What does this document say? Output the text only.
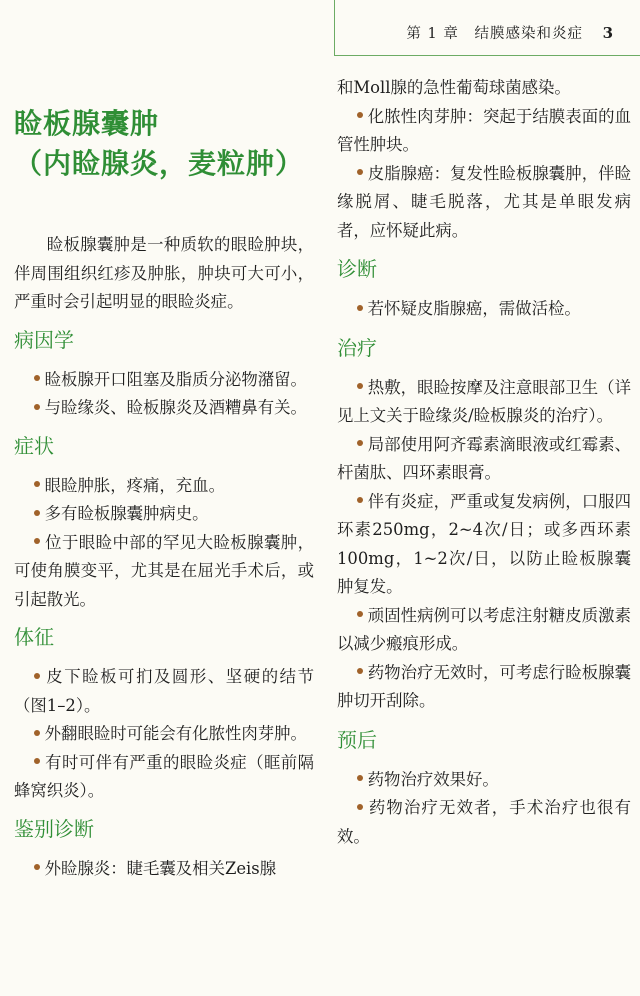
第 1 章 结膜感染和炎症 3
睑板腺囊肿
（内睑腺炎，麦粒肿）
睑板腺囊肿是一种质软的眼睑肿块，伴周围组织红疹及肿胀，肿块可大可小，严重时会引起明显的眼睑炎症。
病因学
睑板腺开口阻塞及脂质分泌物潴留。
与睑缘炎、睑板腺炎及酒糟鼻有关。
症状
眼睑肿胀，疼痛，充血。
多有睑板腺囊肿病史。
位于眼睑中部的罕见大睑板腺囊肿，可使角膜变平，尤其是在屈光手术后，或引起散光。
体征
皮下睑板可扪及圆形、坚硬的结节（图1–2）。
外翻眼睑时可能会有化脓性肉芽肿。
有时可伴有严重的眼睑炎症（眶前隔蜂窝织炎）。
鉴别诊断
外睑腺炎：睫毛囊及相关Zeis腺
和Moll腺的急性葡萄球菌感染。
化脓性肉芽肿：突起于结膜表面的血管性肿块。
皮脂腺癌：复发性睑板腺囊肿，伴睑缘脱屑、睫毛脱落，尤其是单眼发病者，应怀疑此病。
诊断
若怀疑皮脂腺癌，需做活检。
治疗
热敷，眼睑按摩及注意眼部卫生（详见上文关于睑缘炎/睑板腺炎的治疗）。
局部使用阿齐霉素滴眼液或红霉素、杆菌肽、四环素眼膏。
伴有炎症，严重或复发病例，口服四环素250mg，2~4次/日；或多西环素100mg，1~2次/日，以防止睑板腺囊肿复发。
顽固性病例可以考虑注射糖皮质激素以减少瘢痕形成。
药物治疗无效时，可考虑行睑板腺囊肿切开刮除。
预后
药物治疗效果好。
药物治疗无效者，手术治疗也很有效。
